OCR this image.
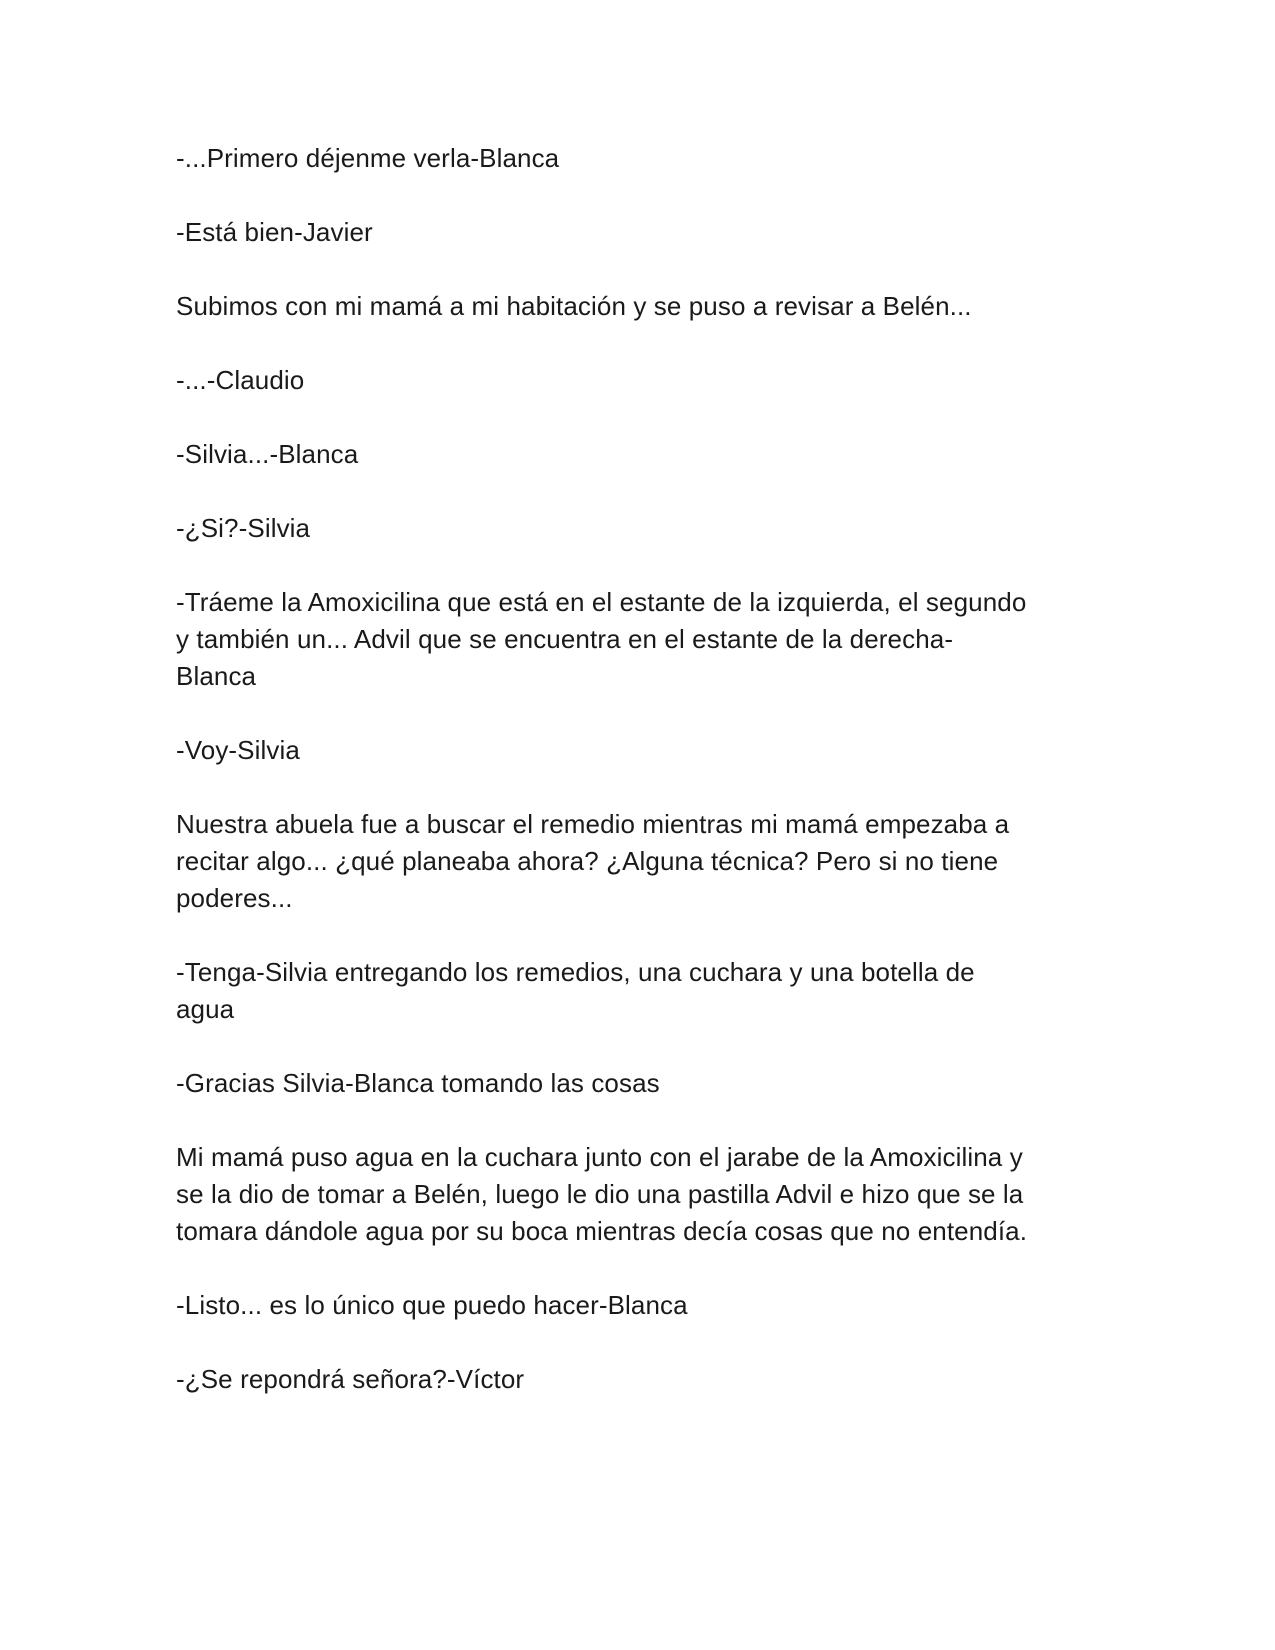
-...Primero déjenme verla-Blanca

-Está bien-Javier

Subimos con mi mamá a mi habitación y se puso a revisar a Belén...

-...-Claudio

-Silvia...-Blanca

-¿Si?-Silvia

-Tráeme la Amoxicilina que está en el estante de la izquierda, el segundo
y también un... Advil que se encuentra en el estante de la derecha-
Blanca

-Voy-Silvia

Nuestra abuela fue a buscar el remedio mientras mi mamá empezaba a
recitar algo... ¿qué planeaba ahora? ¿Alguna técnica? Pero si no tiene
poderes...

-Tenga-Silvia entregando los remedios, una cuchara y una botella de
agua

-Gracias Silvia-Blanca tomando las cosas

Mi mamá puso agua en la cuchara junto con el jarabe de la Amoxicilina y
se la dio de tomar a Belén, luego le dio una pastilla Advil e hizo que se la
tomara dándole agua por su boca mientras decía cosas que no entendía.

-Listo... es lo único que puedo hacer-Blanca

-¿Se repondrá señora?-Víctor
